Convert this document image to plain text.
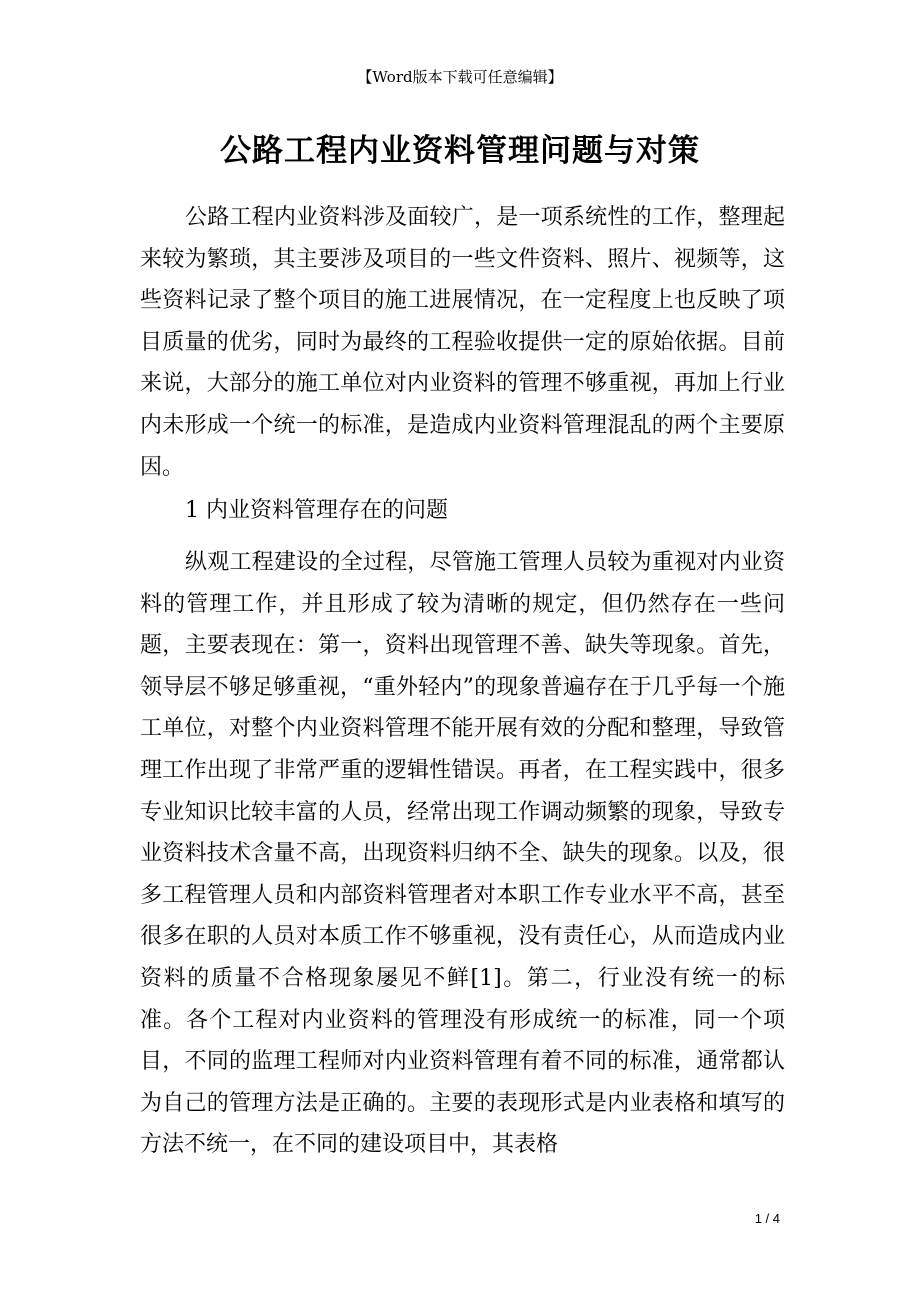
【Word版本下载可任意编辑】
公路工程内业资料管理问题与对策

公路工程内业资料涉及面较广，是一项系统性的工作，整理起来较为繁琐，其主要涉及项目的一些文件资料、照片、视频等，这些资料记录了整个项目的施工进展情况，在一定程度上也反映了项目质量的优劣，同时为最终的工程验收提供一定的原始依据。目前来说，大部分的施工单位对内业资料的管理不够重视，再加上行业内未形成一个统一的标准，是造成内业资料管理混乱的两个主要原因。

1 内业资料管理存在的问题

纵观工程建设的全过程，尽管施工管理人员较为重视对内业资料的管理工作，并且形成了较为清晰的规定，但仍然存在一些问题，主要表现在：第一，资料出现管理不善、缺失等现象。首先，领导层不够足够重视，“重外轻内”的现象普遍存在于几乎每一个施工单位，对整个内业资料管理不能开展有效的分配和整理，导致管理工作出现了非常严重的逻辑性错误。再者，在工程实践中，很多专业知识比较丰富的人员，经常出现工作调动频繁的现象，导致专业资料技术含量不高，出现资料归纳不全、缺失的现象。以及，很多工程管理人员和内部资料管理者对本职工作专业水平不高，甚至很多在职的人员对本质工作不够重视，没有责任心，从而造成内业资料的质量不合格现象屡见不鲜[1]。第二，行业没有统一的标准。各个工程对内业资料的管理没有形成统一的标准，同一个项目，不同的监理工程师对内业资料管理有着不同的标准，通常都认为自己的管理方法是正确的。主要的表现形式是内业表格和填写的方法不统一，在不同的建设项目中，其表格

1 / 4
